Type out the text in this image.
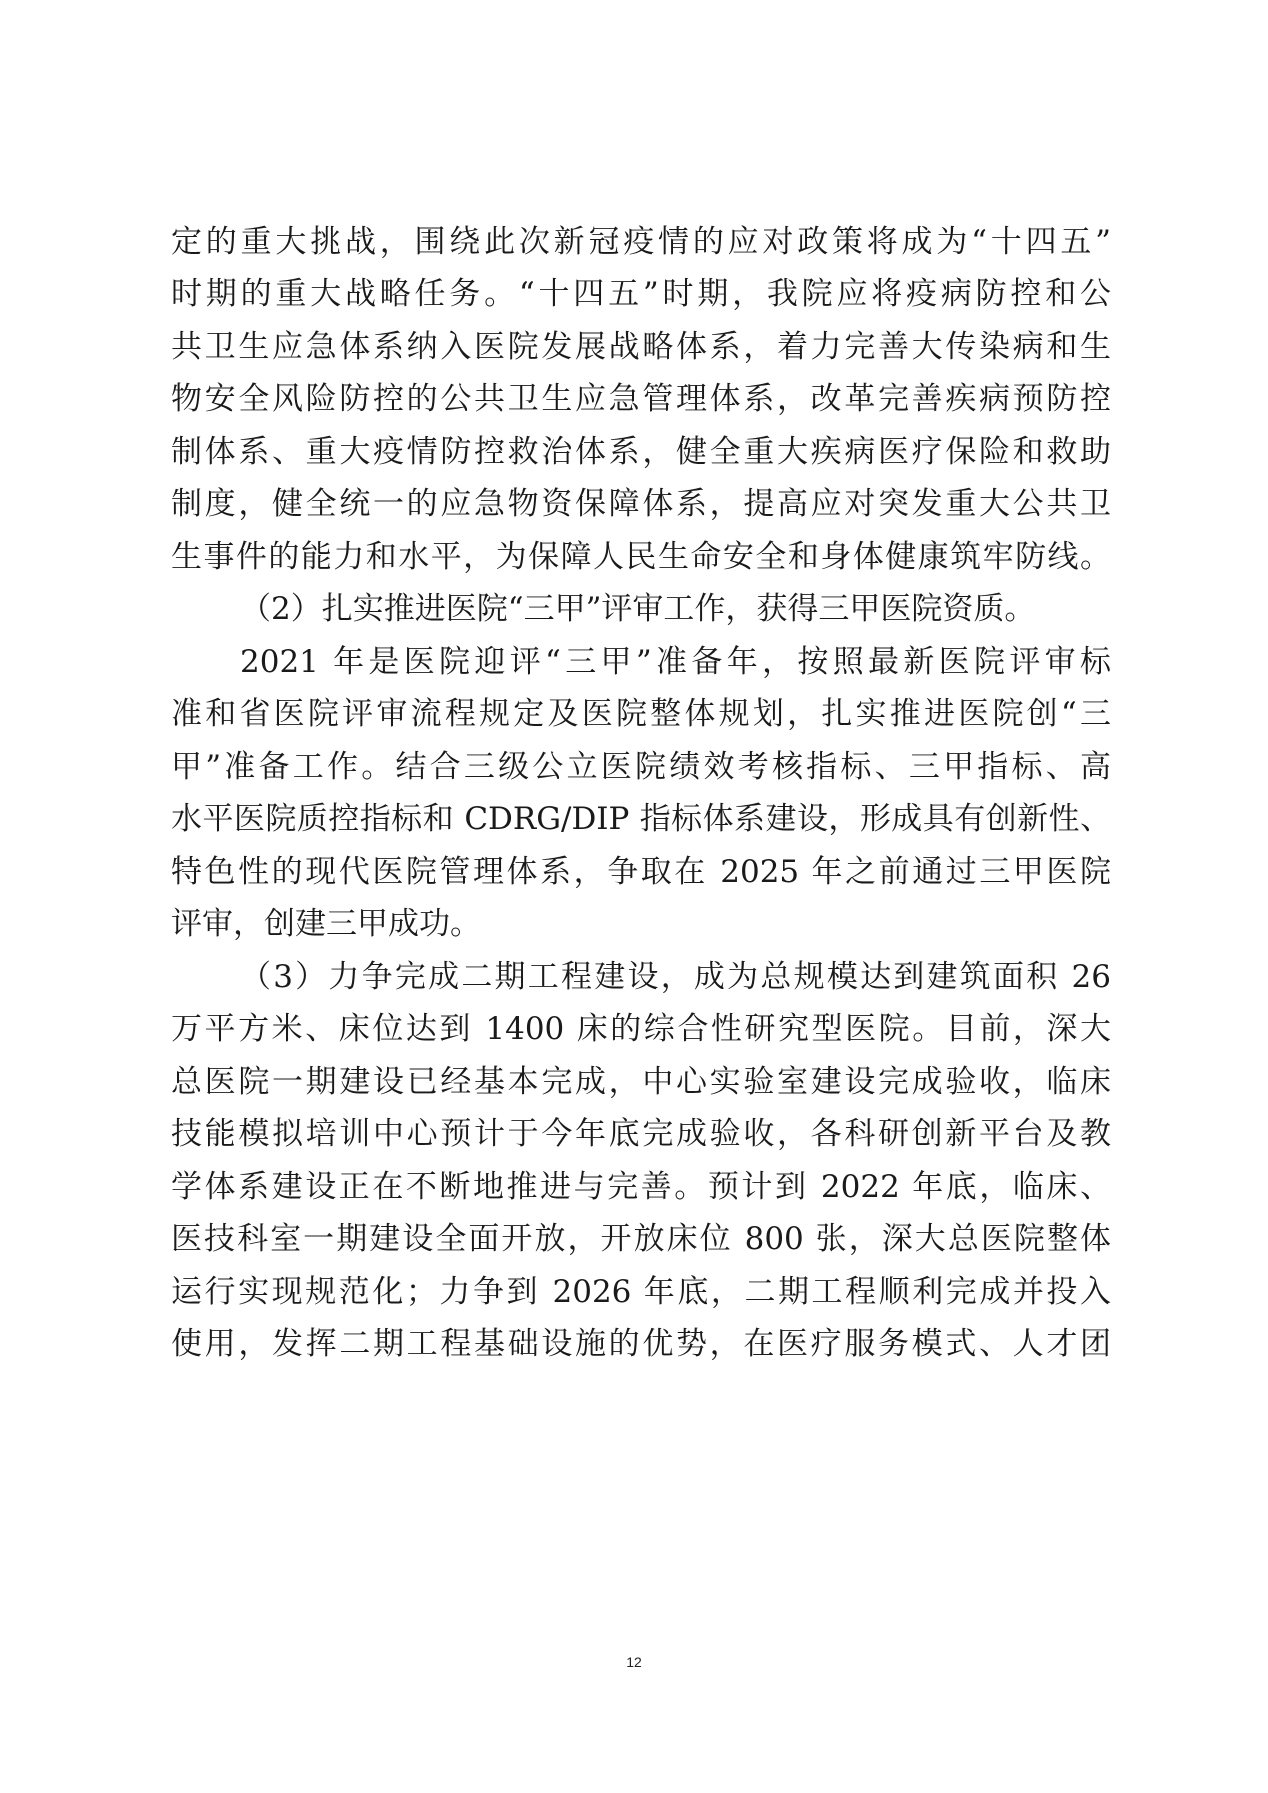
定的重大挑战，围绕此次新冠疫情的应对政策将成为“十四五”
时期的重大战略任务。“十四五”时期，我院应将疫病防控和公
共卫生应急体系纳入医院发展战略体系，着力完善大传染病和生
物安全风险防控的公共卫生应急管理体系，改革完善疾病预防控
制体系、重大疫情防控救治体系，健全重大疾病医疗保险和救助
制度，健全统一的应急物资保障体系，提高应对突发重大公共卫
生事件的能力和水平，为保障人民生命安全和身体健康筑牢防线。
（2）扎实推进医院“三甲”评审工作，获得三甲医院资质。
2021 年是医院迎评“三甲”准备年，按照最新医院评审标
准和省医院评审流程规定及医院整体规划，扎实推进医院创“三
甲”准备工作。结合三级公立医院绩效考核指标、三甲指标、高
水平医院质控指标和 CDRG/DIP 指标体系建设，形成具有创新性、
特色性的现代医院管理体系，争取在 2025 年之前通过三甲医院
评审，创建三甲成功。
（3）力争完成二期工程建设，成为总规模达到建筑面积 26
万平方米、床位达到 1400 床的综合性研究型医院。目前，深大
总医院一期建设已经基本完成，中心实验室建设完成验收，临床
技能模拟培训中心预计于今年底完成验收，各科研创新平台及教
学体系建设正在不断地推进与完善。预计到 2022 年底，临床、
医技科室一期建设全面开放，开放床位 800 张，深大总医院整体
运行实现规范化；力争到 2026 年底，二期工程顺利完成并投入
使用，发挥二期工程基础设施的优势，在医疗服务模式、人才团
12
